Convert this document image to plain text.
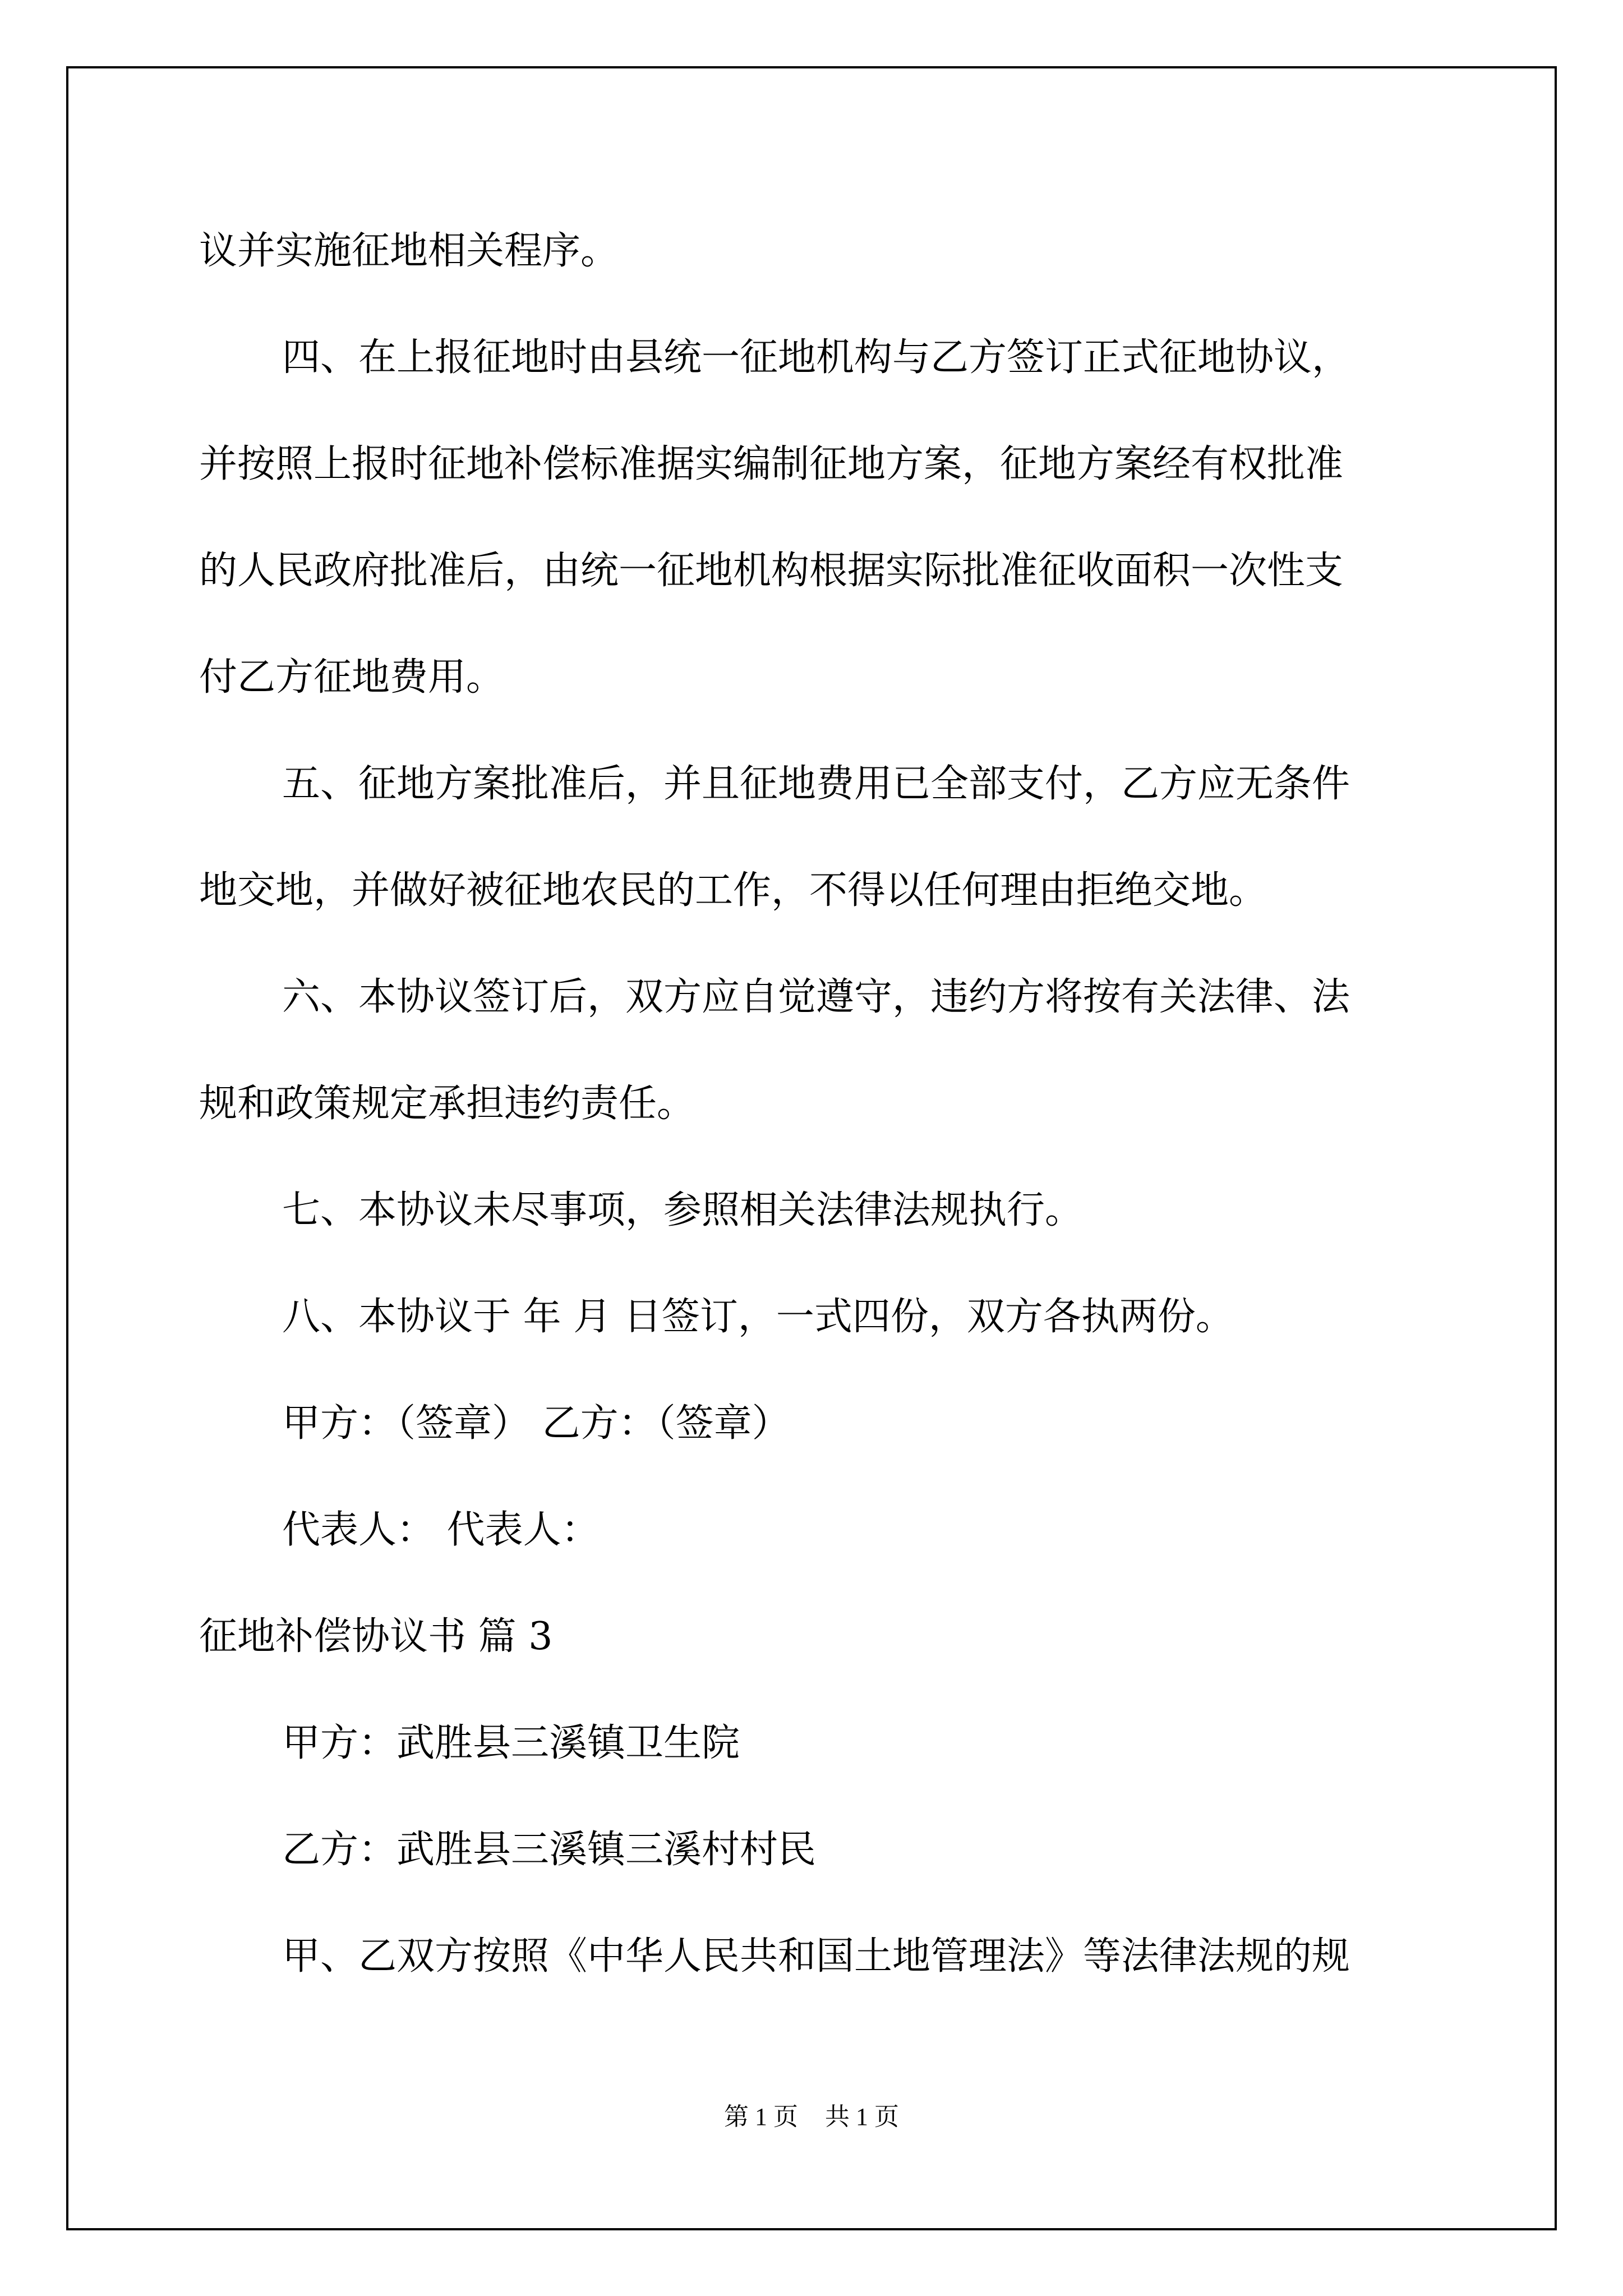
议并实施征地相关程序。
四、在上报征地时由县统一征地机构与乙方签订正式征地协议，
并按照上报时征地补偿标准据实编制征地方案，征地方案经有权批准
的人民政府批准后，由统一征地机构根据实际批准征收面积一次性支
付乙方征地费用。
五、征地方案批准后，并且征地费用已全部支付，乙方应无条件
地交地，并做好被征地农民的工作，不得以任何理由拒绝交地。
六、本协议签订后，双方应自觉遵守，违约方将按有关法律、法
规和政策规定承担违约责任。
七、本协议未尽事项，参照相关法律法规执行。
八、本协议于 年 月 日签订，一式四份，双方各执两份。
甲方：（签章） 乙方：（签章）
代表人： 代表人：
征地补偿协议书 篇 3
甲方：武胜县三溪镇卫生院
乙方：武胜县三溪镇三溪村村民
甲、乙双方按照《中华人民共和国土地管理法》等法律法规的规
第 1 页 共 1 页
